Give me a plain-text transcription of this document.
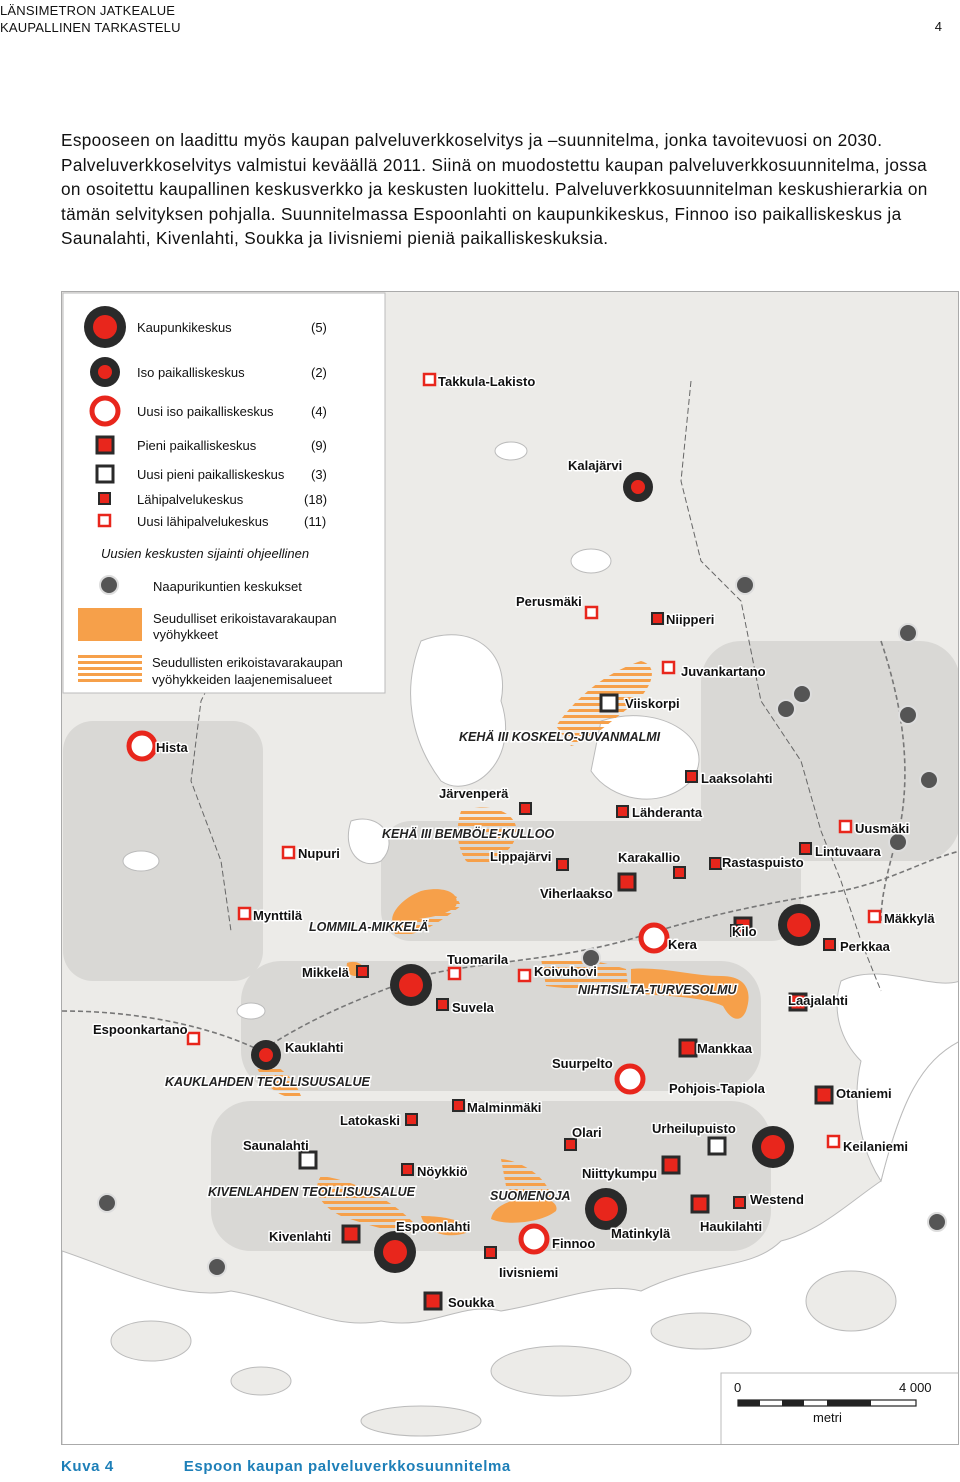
LÄNSIMETRON JATKEALUE
KAUPALLINEN TARKASTELU	4

Espooseen on laadittu myös kaupan palveluverkkoselvitys ja –suunnitelma, jonka tavoitevuosi on 2030. Palveluverkkoselvitys valmistui keväällä 2011. Siinä on muodostettu kaupan palveluverkkosuunnitelma, jossa on osoitettu kaupallinen keskusverkko ja keskusten luokittelu. Palveluverkkosuunnitelman keskushierarkia on tämän selvityksen pohjalla. Suunnitelmassa Espoonlahti on kaupunkikeskus, Finnoo iso paikalliskeskus ja Saunalahti, Kivenlahti, Soukka ja Iivisniemi pieniä paikalliskeskuksia.

Takkula-Lakisto
Kalajärvi
Perusmäki
Niipperi
Juvankartano
Viiskorpi
Hista
Laaksolahti
Järvenperä
Lähderanta
Uusmäki
Lintuvaara
Nupuri	Lippajärvi	Karakallio	Rastaspuisto
Viherlaakso
Mynttilä	Mäkkylä
Kilo
Kera	Perkkaa
Mikkelä
Tuomarila
Koivuhovi
Suvela	Laajalahti
Espoonkartano
Kauklahti	Mankkaa
Suurpelto
Pohjois-Tapiola	Otaniemi
Latokaski
Malminmäki
Saunalahti
Olari	Urheilupuisto
Keilaniemi
Nöykkiö	Niittykumpu
Westend
Haukilahti
Matinkylä
Espoonlahti
Kivenlahti	Finnoo
Iivisniemi
Soukka
KEHÄ III KOSKELO-JUVANMALMI
KEHÄ III BEMBÖLE-KULLOO
LOMMILA-MIKKELÄ
NIHTISILTA-TURVESOLMU
KAUKLAHDEN TEOLLISUUSALUE
KIVENLAHDEN TEOLLISUUSALUE	SUOMENOJA
Kaupunkikeskus	(5)
Iso paikalliskeskus	(2)
Uusi iso paikalliskeskus	(4)
Pieni paikalliskeskus	(9)
Uusi pieni paikalliskeskus (3)
Lähipalvelukeskus	(18)
Uusi lähipalvelukeskus	(11)
Uusien keskusten sijainti ohjeellinen
Naapurikuntien keskukset
Seudulliset erikoistavarakaupan
vyöhykkeet
Seudullisten erikoistavarakaupan
vyöhykkeiden laajenemisalueet
0	4 000
metri
Kuva 4	Espoon kaupan palveluverkkosuunnitelma
